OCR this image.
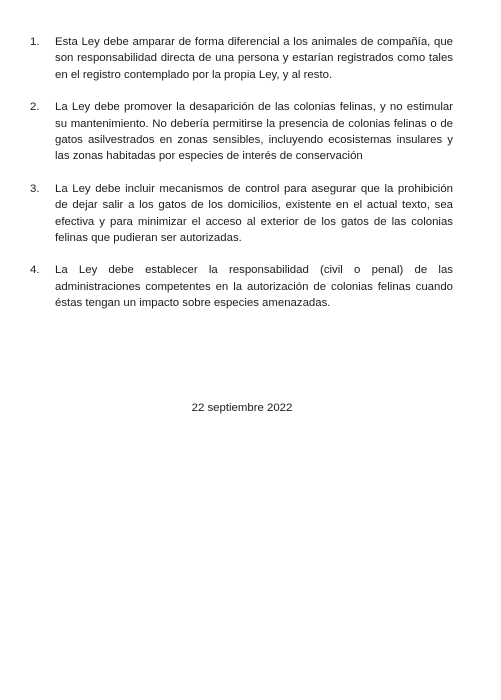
1. Esta Ley debe amparar de forma diferencial a los animales de compañía, que son responsabilidad directa de una persona y estarían registrados como tales en el registro contemplado por la propia Ley, y al resto.
2. La Ley debe promover la desaparición de las colonias felinas, y no estimular su mantenimiento. No debería permitirse la presencia de colonias felinas o de gatos asilvestrados en zonas sensibles, incluyendo ecosistemas insulares y las zonas habitadas por especies de interés de conservación
3. La Ley debe incluir mecanismos de control para asegurar que la prohibición de dejar salir a los gatos de los domicilios, existente en el actual texto, sea efectiva y para minimizar el acceso al exterior de los gatos de las colonias felinas que pudieran ser autorizadas.
4. La Ley debe establecer la responsabilidad (civil o penal) de las administraciones competentes en la autorización de colonias felinas cuando éstas tengan un impacto sobre especies amenazadas.
22 septiembre 2022
